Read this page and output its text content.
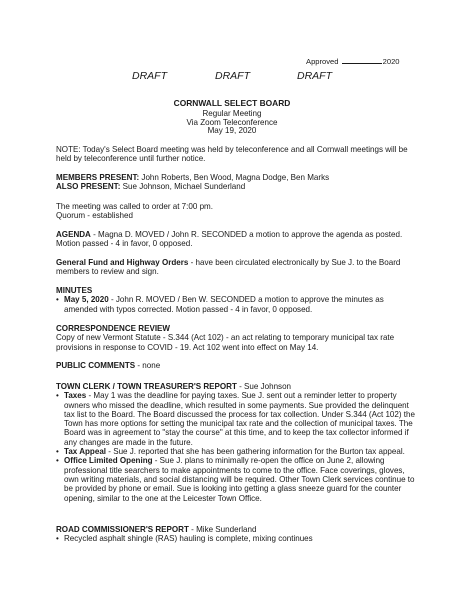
Approved	2020
DRAFT	DRAFT	DRAFT
CORNWALL SELECT BOARD
Regular Meeting
Via Zoom Teleconference
May 19, 2020

NOTE: Today's Select Board meeting was held by teleconference and all Cornwall meetings will be held by teleconference until further notice.

MEMBERS PRESENT: John Roberts, Ben Wood, Magna Dodge, Ben Marks

ALSO PRESENT: Sue Johnson, Michael Sunderland

The meeting was called to order at 7:00 pm.

Quorum - established

AGENDA - Magna D. MOVED / John R. SECONDED a motion to approve the agenda as posted. Motion passed - 4 in favor, 0 opposed.

General Fund and Highway Orders - have been circulated electronically by Sue J. to the Board members to review and sign.

MINUTES

• May 5, 2020 - John R. MOVED / Ben W. SECONDED a motion to approve the minutes as amended with typos corrected. Motion passed - 4 in favor, 0 opposed.

CORRESPONDENCE REVIEW

Copy of new Vermont Statute - S.344 (Act 102) - an act relating to temporary municipal tax rate provisions in response to COVID - 19. Act 102 went into effect on May 14.

PUBLIC COMMENTS - none

TOWN CLERK / TOWN TREASURER'S REPORT - Sue Johnson

• Taxes - May 1 was the deadline for paying taxes. Sue J. sent out a reminder letter to property owners who missed the deadline, which resulted in some payments. Sue provided the delinquent tax list to the Board. The Board discussed the process for tax collection. Under S.344 (Act 102) the Town has more options for setting the municipal tax rate and the collection of municipal taxes. The Board was in agreement to "stay the course" at this time, and to keep the tax collector informed if any changes are made in the future.
• Tax Appeal - Sue J. reported that she has been gathering information for the Burton tax appeal.
• Office Limited Opening - Sue J. plans to minimally re-open the office on June 2, allowing professional title searchers to make appointments to come to the office. Face coverings, gloves, own writing materials, and social distancing will be required. Other Town Clerk services continue to be provided by phone or email. Sue is looking into getting a glass sneeze guard for the counter opening, similar to the one at the Leicester Town Office.

ROAD COMMISSIONER'S REPORT - Mike Sunderland

• Recycled asphalt shingle (RAS) hauling is complete, mixing continues
